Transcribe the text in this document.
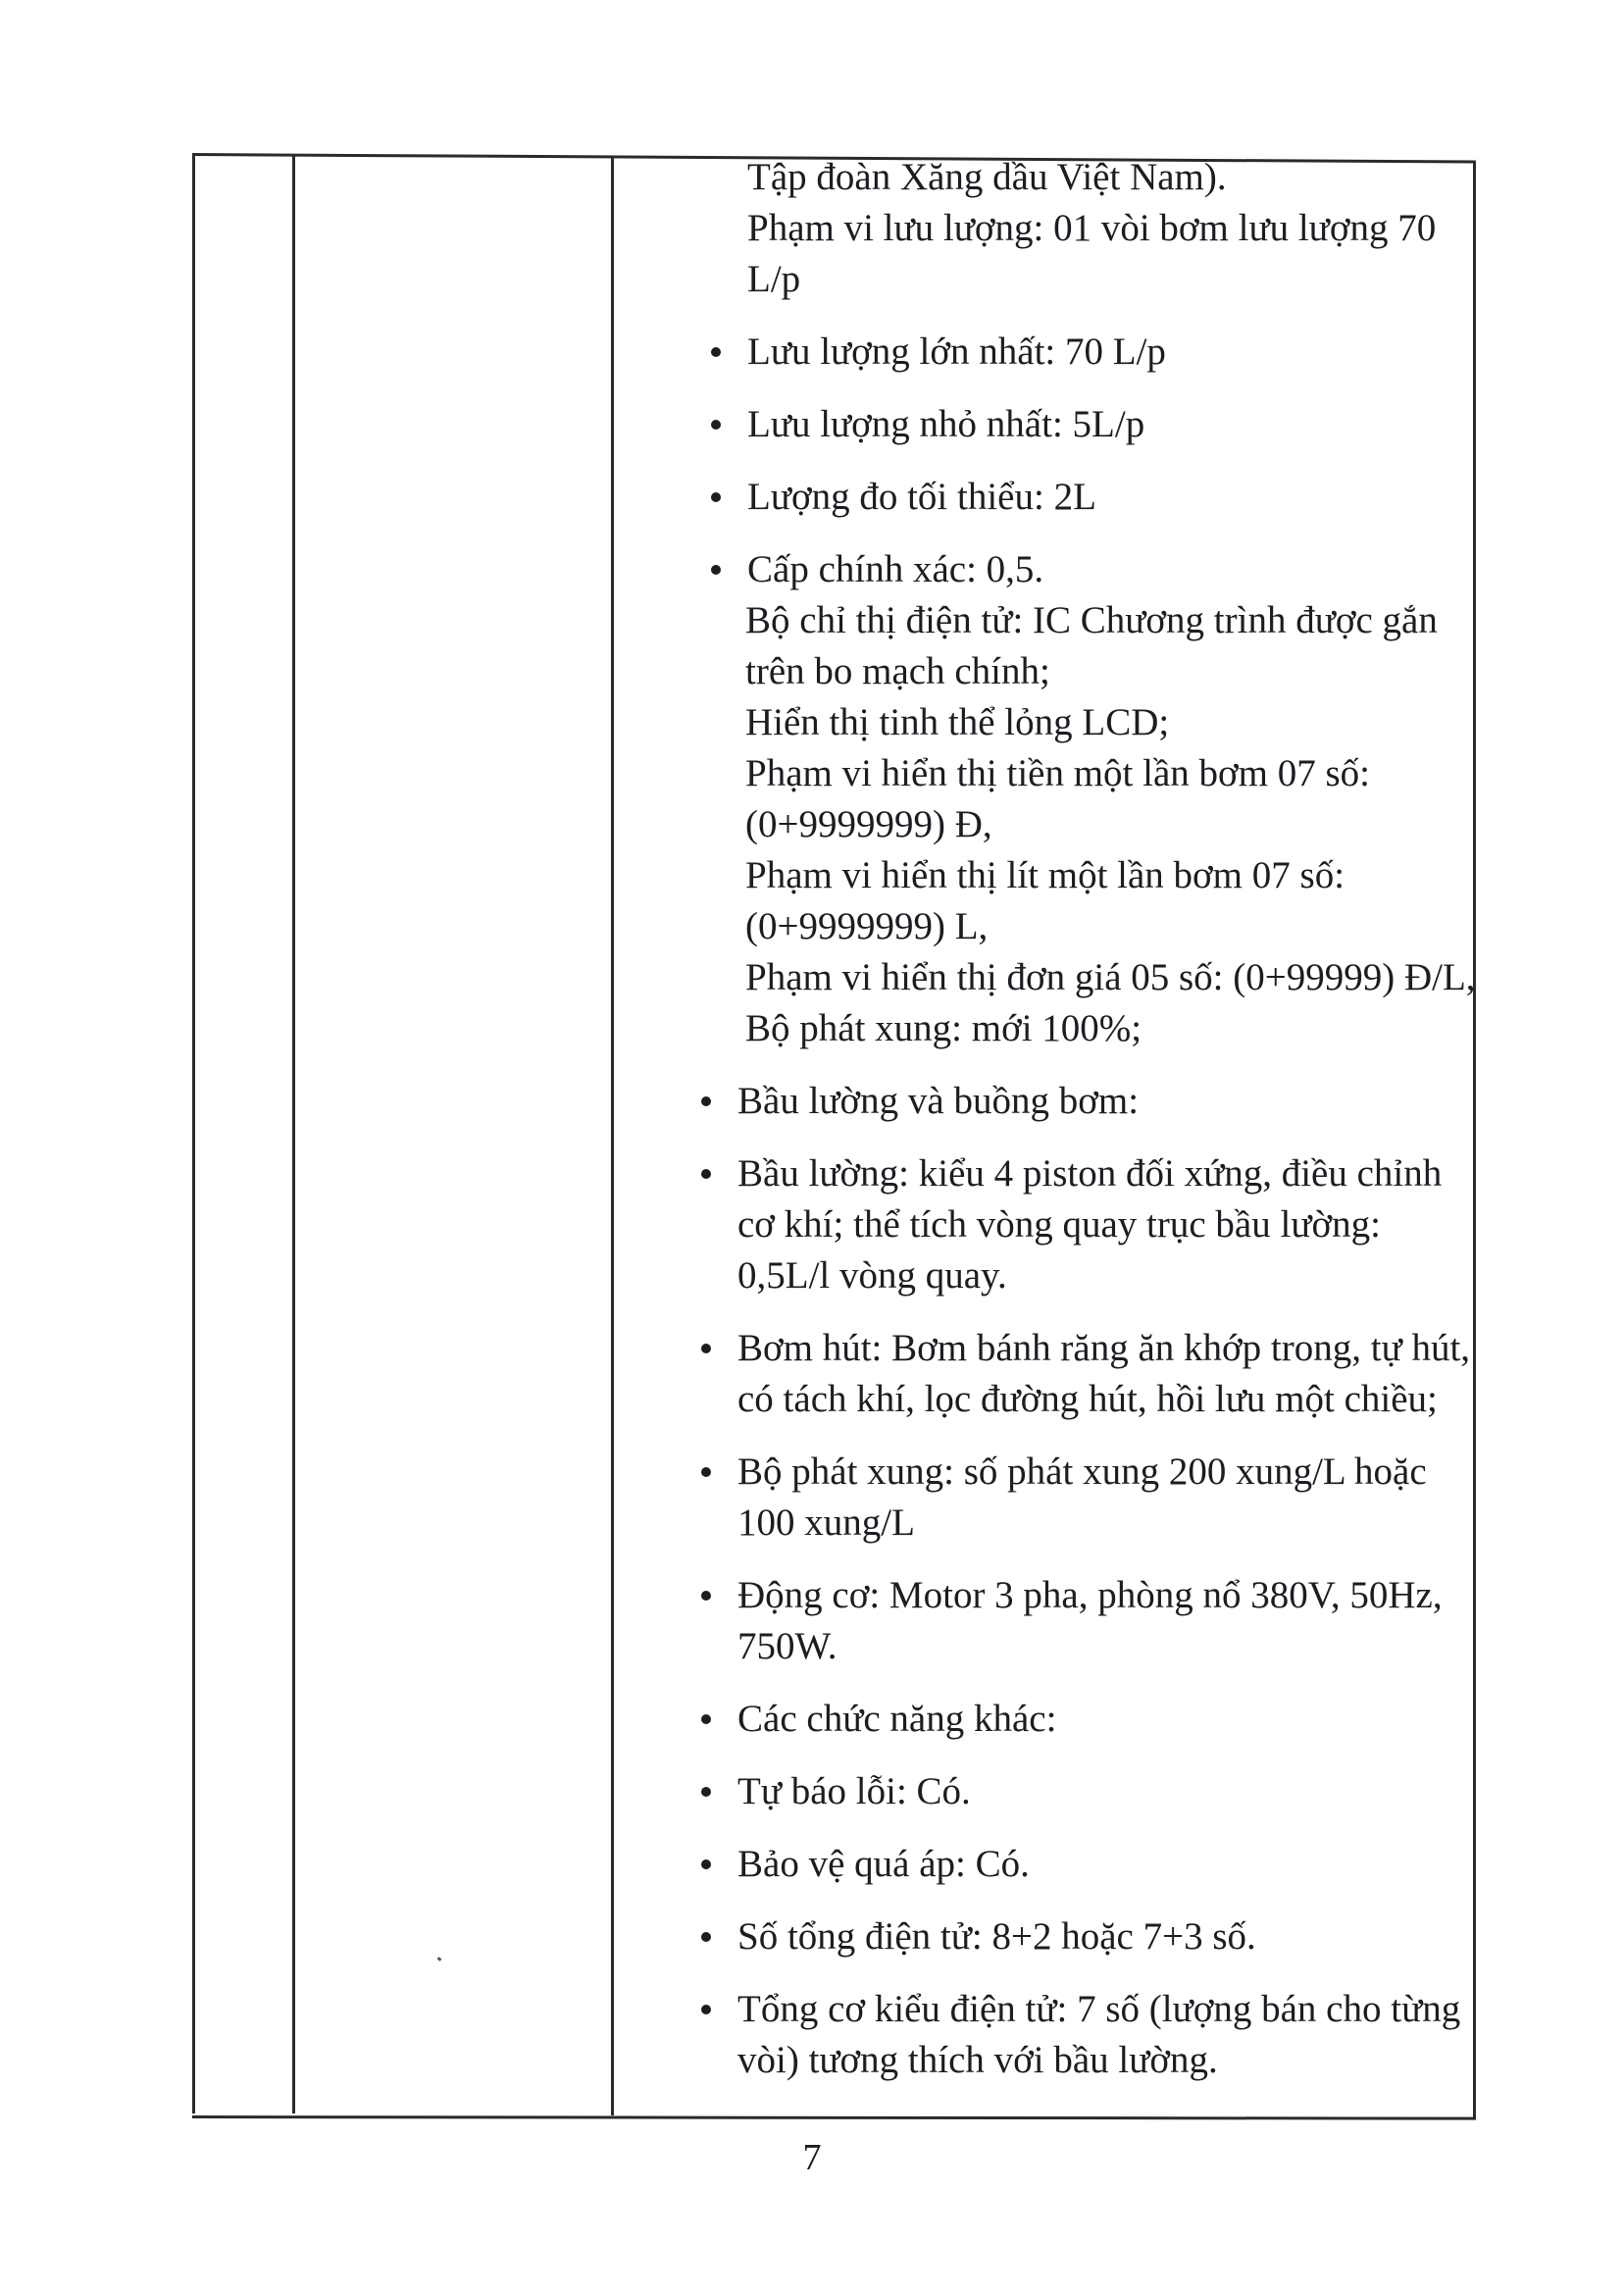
Tập đoàn Xăng dầu Việt Nam).
Phạm vi lưu lượng: 01 vòi bơm lưu lượng 70
L/p
Lưu lượng lớn nhất: 70 L/p
Lưu lượng nhỏ nhất: 5L/p
Lượng đo tối thiểu: 2L
Cấp chính xác: 0,5.
Bộ chỉ thị điện tử: IC Chương trình được gắn
trên bo mạch chính;
Hiển thị tinh thể lỏng LCD;
Phạm vi hiển thị tiền một lần bơm 07 số:
(0+9999999) Đ,
Phạm vi hiển thị lít một lần bơm 07 số:
(0+9999999) L,
Phạm vi hiển thị đơn giá 05 số: (0+99999) Đ/L,
Bộ phát xung: mới 100%;
Bầu lường và buồng bơm:
Bầu lường: kiểu 4 piston đối xứng, điều chỉnh
cơ khí; thể tích vòng quay trục bầu lường:
0,5L/l vòng quay.
Bơm hút: Bơm bánh răng ăn khớp trong, tự hút,
có tách khí, lọc đường hút, hồi lưu một chiều;
Bộ phát xung: số phát xung 200 xung/L hoặc
100 xung/L
Động cơ: Motor 3 pha, phòng nổ 380V, 50Hz,
750W.
Các chức năng khác:
Tự báo lỗi: Có.
Bảo vệ quá áp: Có.
Số tổng điện tử: 8+2 hoặc 7+3 số.
Tổng cơ kiểu điện tử: 7 số (lượng bán cho từng
vòi) tương thích với bầu lường.
7
